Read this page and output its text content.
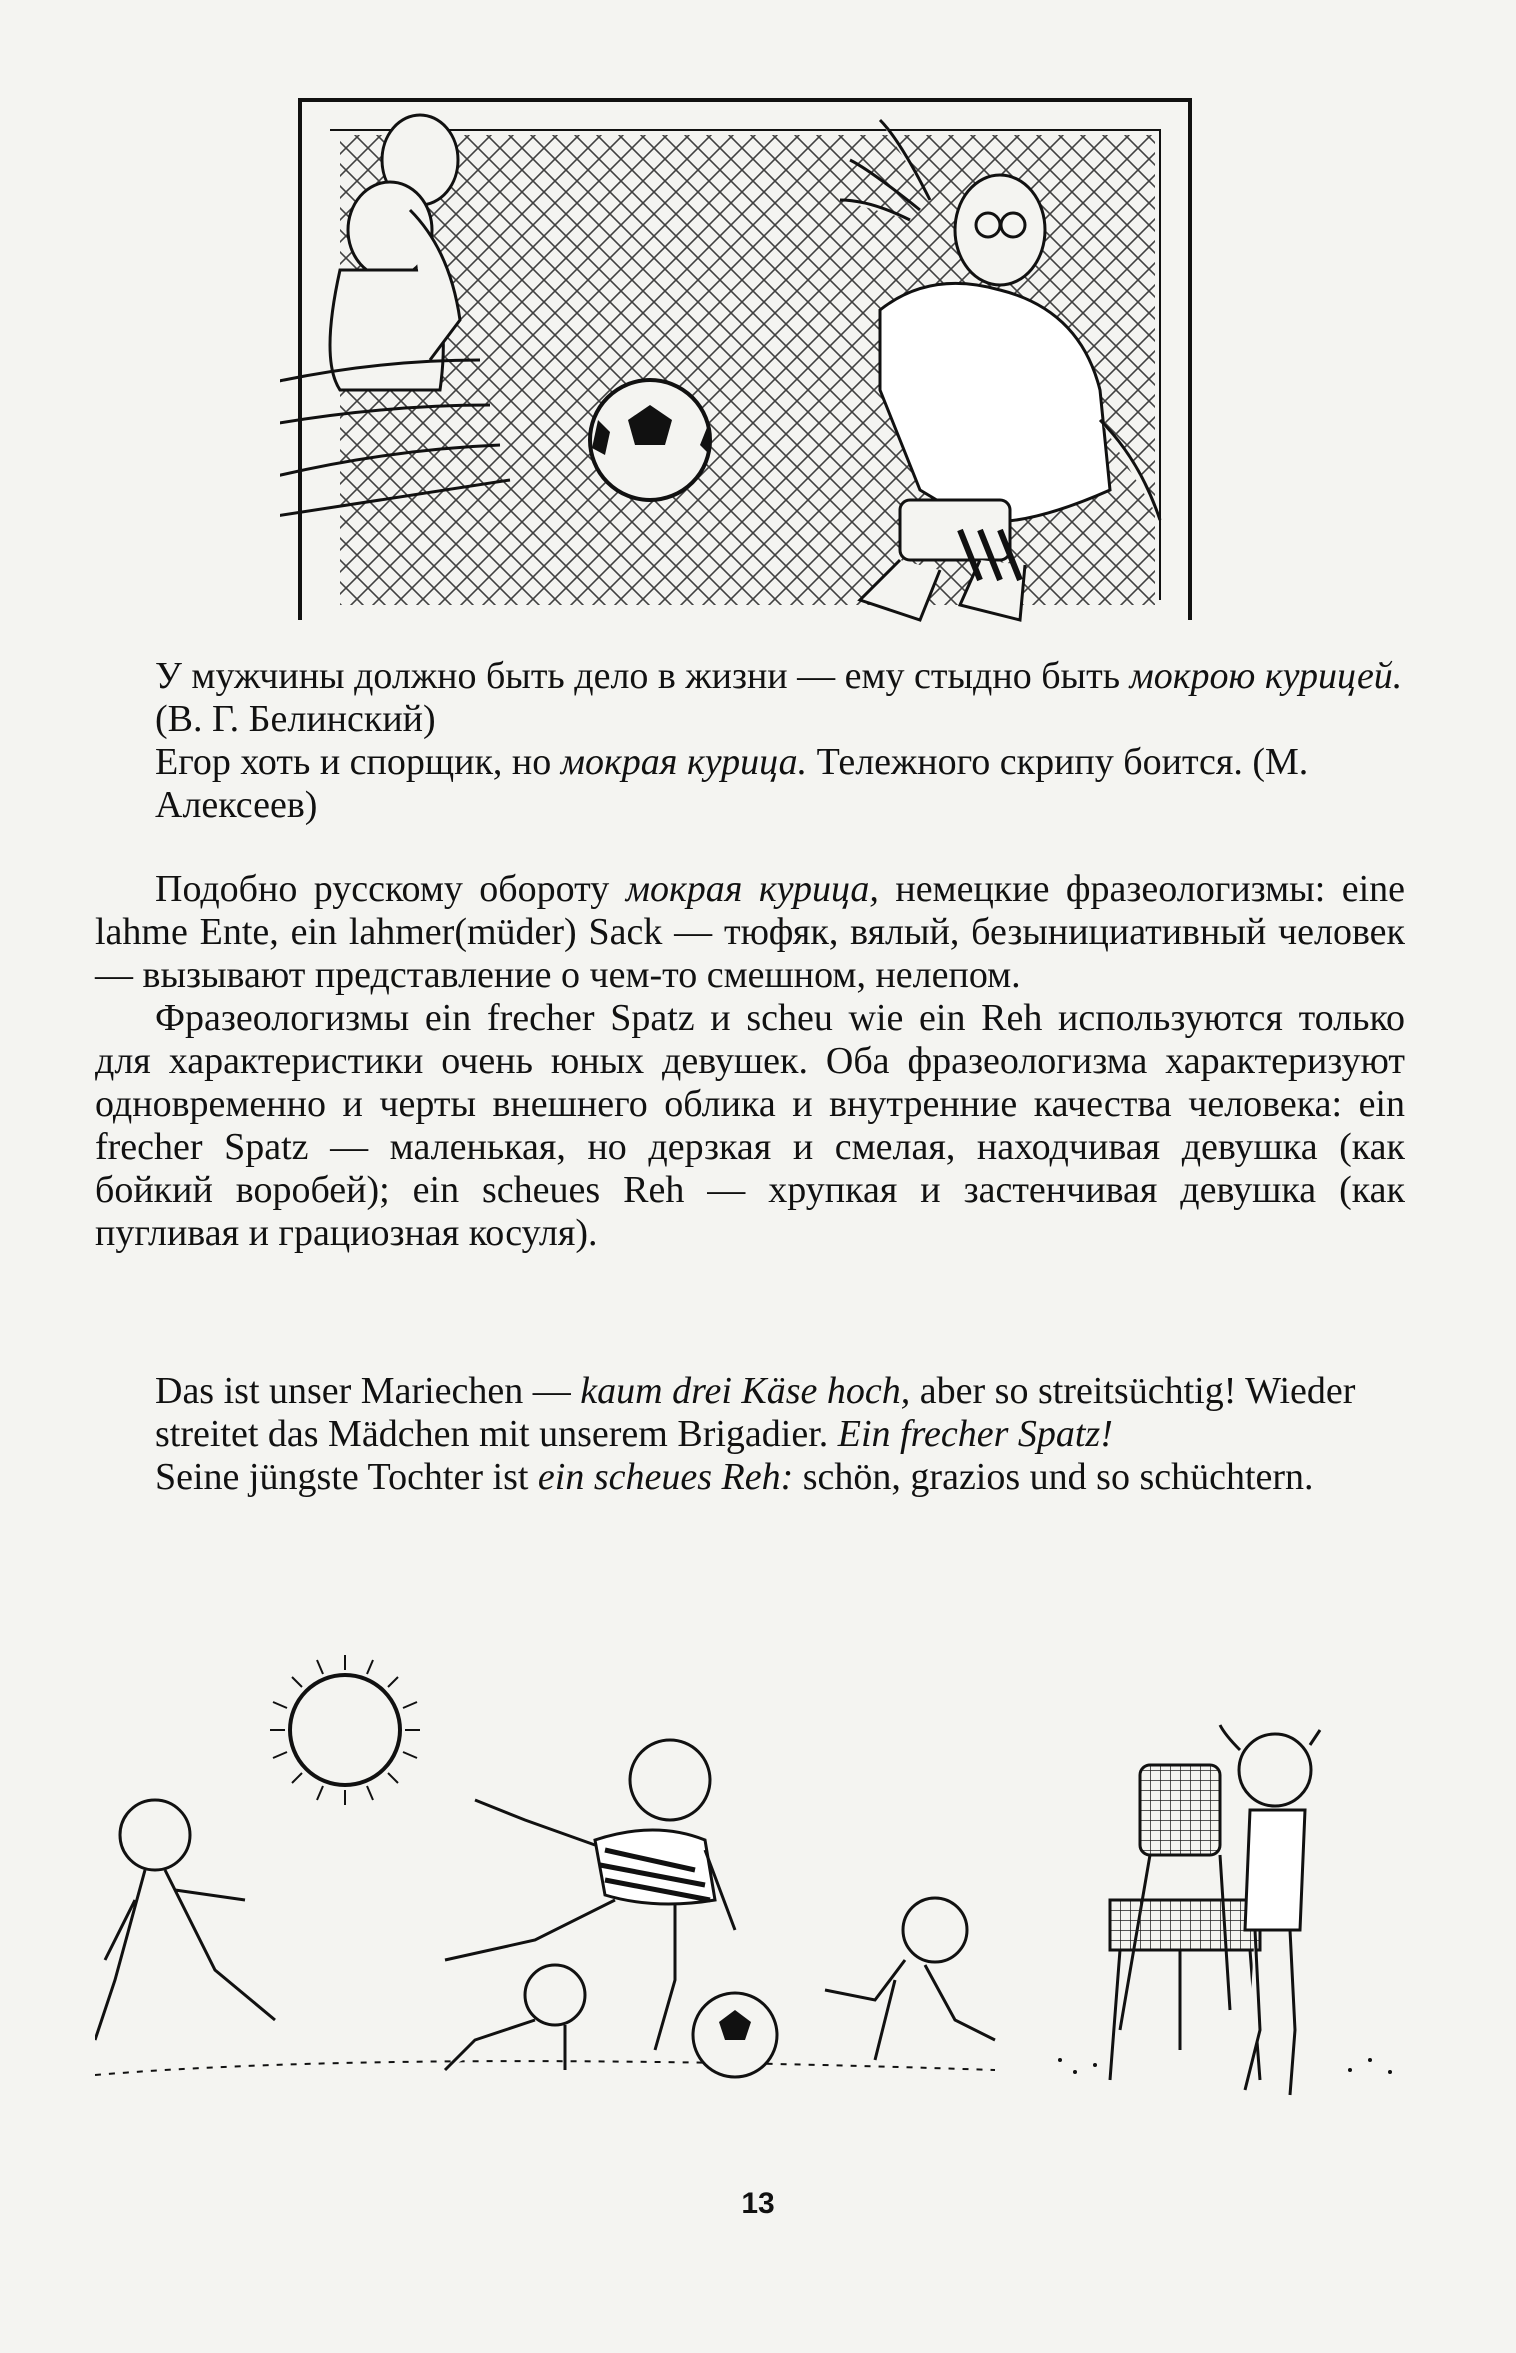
У мужчины должно быть дело в жизни — ему стыдно быть мокрою курицей. (В. Г. Белинский)

Егор хоть и спорщик, но мокрая курица. Тележного скрипу боится. (М. Алексеев)

Подобно русскому обороту мокрая курица, немецкие фразеологизмы: eine lahme Ente, ein lahmer(müder) Sack — тюфяк, вялый, безынициативный человек — вызывают представление о чем-то смешном, нелепом.

Фразеологизмы ein frecher Spatz и scheu wie ein Reh используются только для характеристики очень юных девушек. Оба фразеологизма характеризуют одновременно и черты внешнего облика и внутренние качества человека: ein frecher Spatz — маленькая, но дерзкая и смелая, находчивая девушка (как бойкий воробей); ein scheues Reh — хрупкая и застенчивая девушка (как пугливая и грациозная косуля).

Das ist unser Mariechen — kaum drei Käse hoch, aber so streitsüchtig! Wieder streitet das Mädchen mit unserem Brigadier. Ein frecher Spatz!

Seine jüngste Tochter ist ein scheues Reh: schön, grazios und so schüchtern.

13
